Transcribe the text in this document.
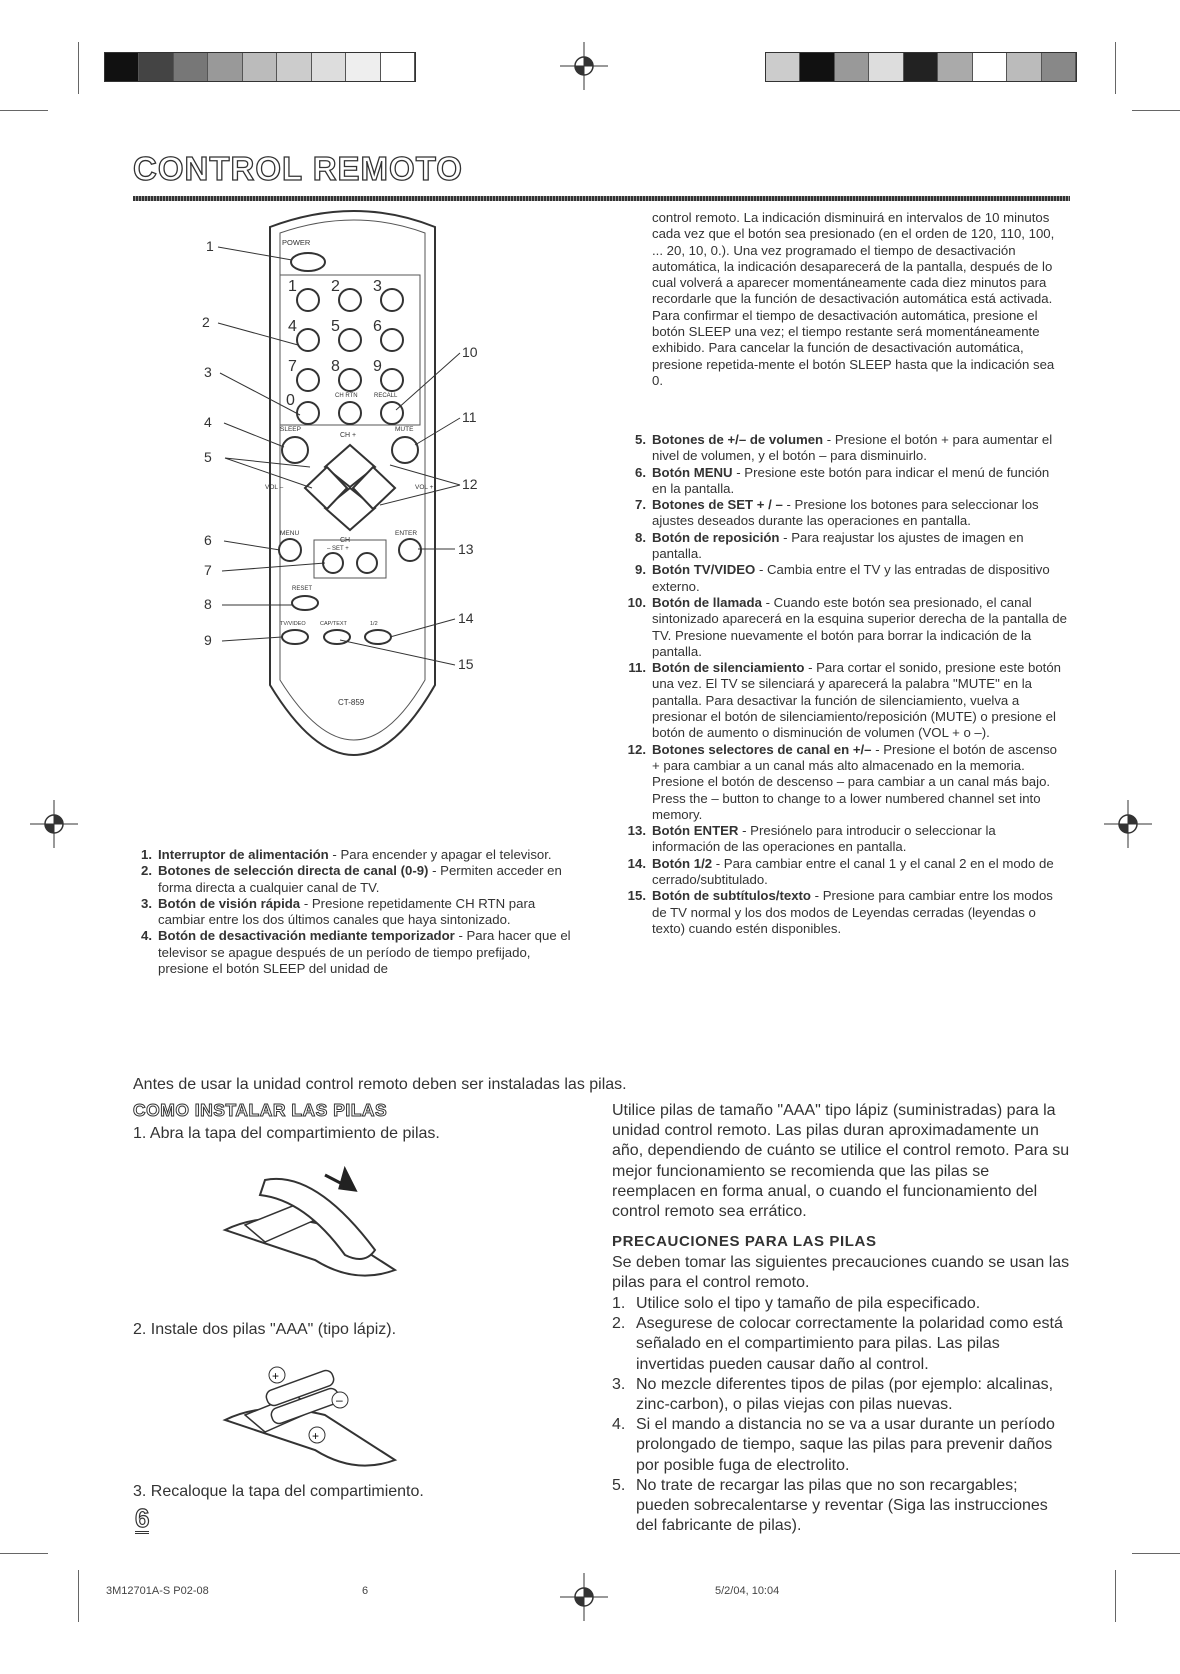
CONTROL REMOTO
POWER
1 2 3
4 5 6
7 8 9
0	CH RTN	RECALL
SLEEP	MUTE
CH +
VOL –	VOL +
MENU	ENTER
CH –
– SET +
RESET
TV/VIDEO	CAP/TEXT	1/2
CT-859
1
2
3
4
5
6
7
8
9
10
11
12
13
14
15
control remoto. La indicación disminuirá en intervalos de 10 minutos cada vez que el botón sea presionado (en el orden de 120, 110, 100, ... 20, 10, 0.). Una vez programado el tiempo de desactivación automática, la indicación desaparecerá de la pantalla, después de lo cual volverá a aparecer momentáneamente cada diez minutos para recordarle que la función de desactivación automática está activada. Para confirmar el tiempo de desactivación automática, presione el botón SLEEP una vez; el tiempo restante será momentáneamente exhibido. Para cancelar la función de desactivación automática, presione repetida-mente el botón SLEEP hasta que la indicación sea 0.
5. Botones de +/– de volumen - Presione el botón + para aumentar el nivel de volumen, y el botón – para disminuirlo.
6. Botón MENU - Presione este botón para indicar el menú de función en la pantalla.
7. Botones de SET + / – - Presione los botones para seleccionar los ajustes deseados durante las operaciones en pantalla.
8. Botón de reposición - Para reajustar los ajustes de imagen en pantalla.
9. Botón TV/VIDEO - Cambia entre el TV y las entradas de dispositivo externo.
10. Botón de llamada - Cuando este botón sea presionado, el canal sintonizado aparecerá en la esquina superior derecha de la pantalla de TV. Presione nuevamente el botón para borrar la indicación de la pantalla.
11. Botón de silenciamiento - Para cortar el sonido, presione este botón una vez. El TV se silenciará y aparecerá la palabra "MUTE" en la pantalla. Para desactivar la función de silenciamiento, vuelva a presionar el botón de silenciamiento/reposición (MUTE) o presione el botón de aumento o disminución de volumen (VOL + o –).
12. Botones selectores de canal en +/– - Presione el botón de ascenso + para cambiar a un canal más alto almacenado en la memoria. Presione el botón de descenso – para cambiar a un canal más bajo. Press the – button to change to a lower numbered channel set into memory.
13. Botón ENTER - Presiónelo para introducir o seleccionar la información de las operaciones en pantalla.
14. Botón 1/2 - Para cambiar entre el canal 1 y el canal 2 en el modo de cerrado/subtitulado.
15. Botón de subtítulos/texto - Presione para cambiar entre los modos de TV normal y los dos modos de Leyendas cerradas (leyendas o texto) cuando estén disponibles.
1. Interruptor de alimentación - Para encender y apagar el televisor.
2. Botones de selección directa de canal (0-9) - Permiten acceder en forma directa a cualquier canal de TV.
3. Botón de visión rápida - Presione repetidamente CH RTN para cambiar entre los dos últimos canales que haya sintonizado.
4. Botón de desactivación mediante temporizador - Para hacer que el televisor se apague después de un período de tiempo prefijado, presione el botón SLEEP del unidad de
Antes de usar la unidad control remoto deben ser instaladas las pilas.
COMO INSTALAR LAS PILAS
1. Abra la tapa del compartimiento de pilas.
2. Instale dos pilas "AAA" (tipo lápiz).
+
–
+
3. Recaloque la tapa del compartimiento.
6
Utilice pilas de tamaño "AAA" tipo lápiz (suministradas) para la unidad control remoto. Las pilas duran aproximadamente un año, dependiendo de cuánto se utilice el control remoto. Para su mejor funcionamiento se recomienda que las pilas se reemplacen en forma anual, o cuando el funcionamiento del control remoto sea errático.
PRECAUCIONES PARA LAS PILAS
Se deben tomar las siguientes precauciones cuando se usan las pilas para el control remoto.
1. Utilice solo el tipo y tamaño de pila especificado.
2. Asegurese de colocar correctamente la polaridad como está señalado en el compartimiento para pilas. Las pilas invertidas pueden causar daño al control.
3. No mezcle diferentes tipos de pilas (por ejemplo: alcalinas, zinc-carbon), o pilas viejas con pilas nuevas.
4. Si el mando a distancia no se va a usar durante un período prolongado de tiempo, saque las pilas para prevenir daños por posible fuga de electrolito.
5. No trate de recargar las pilas que no son recargables; pueden sobrecalentarse y reventar (Siga las instrucciones del fabricante de pilas).
3M12701A-S P02-08	6	5/2/04, 10:04
